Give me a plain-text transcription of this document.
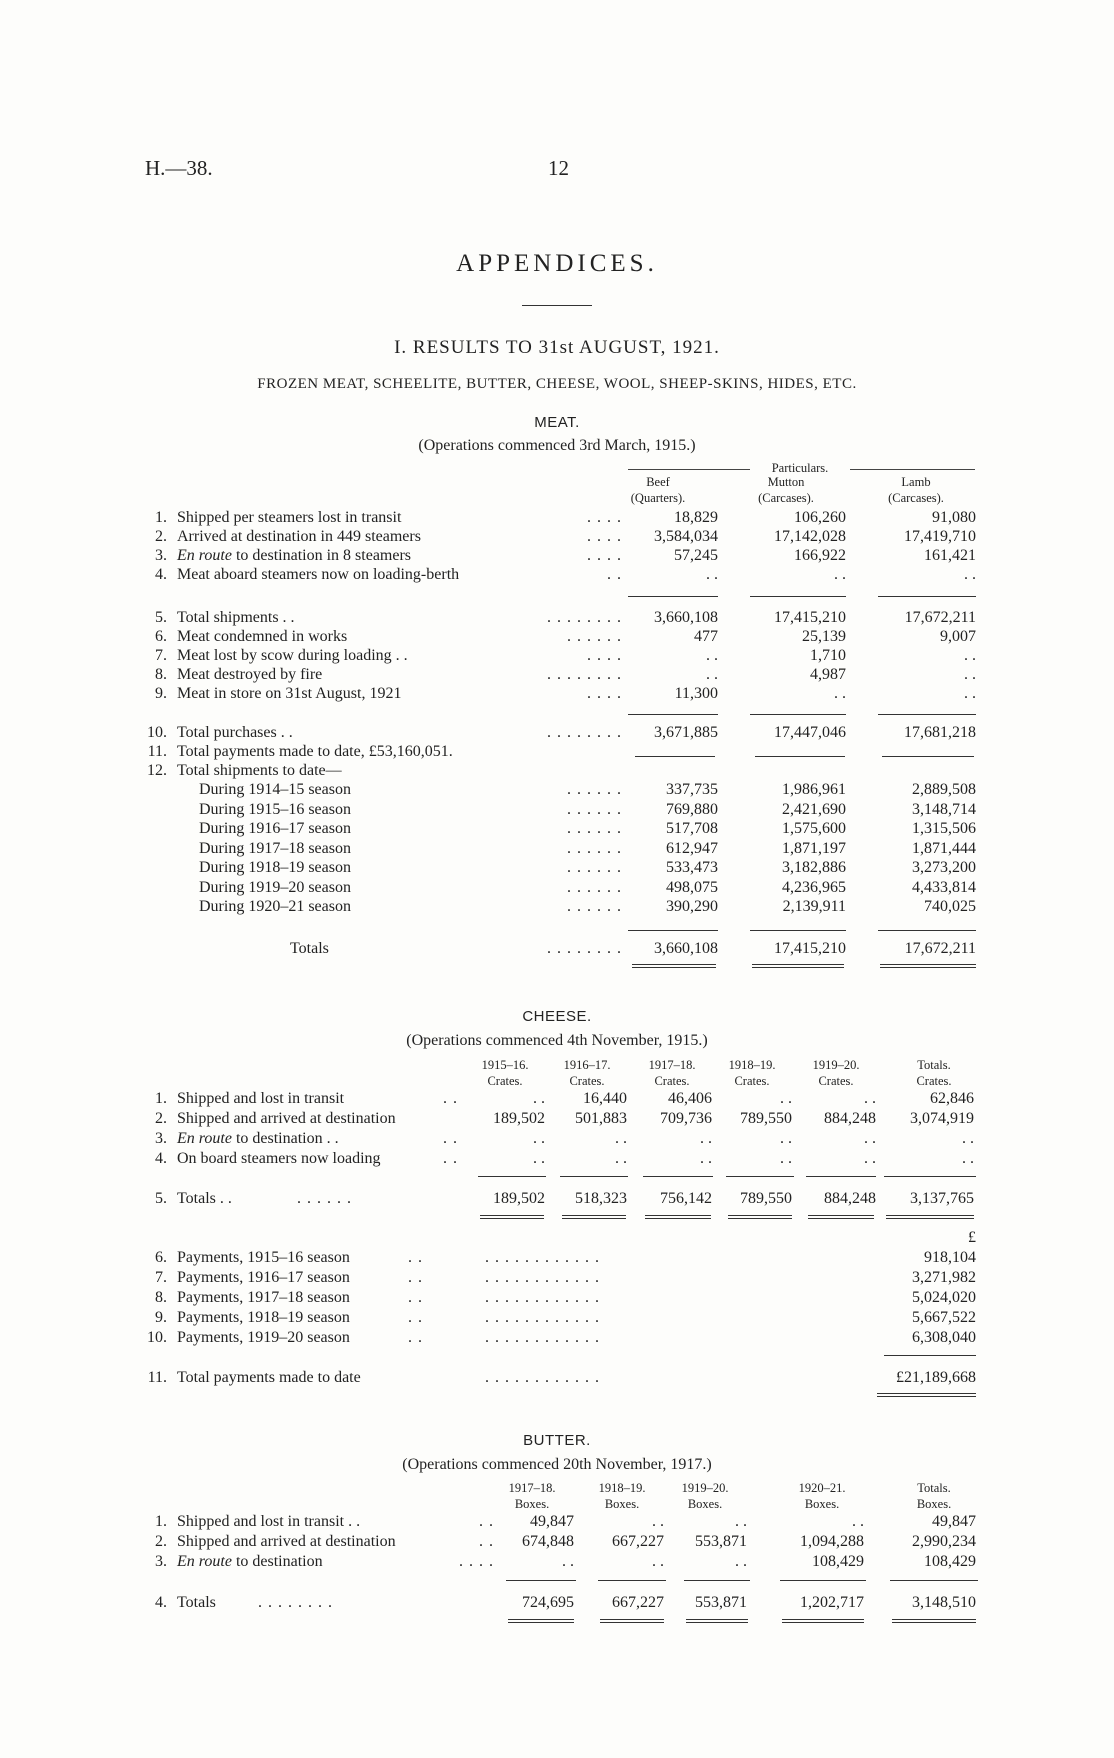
H.—38.	12
APPENDICES.
I. RESULTS TO 31st AUGUST, 1921.
FROZEN MEAT, SCHEELITE, BUTTER, CHEESE, WOOL, SHEEP-SKINS, HIDES, ETC.
MEAT.
(Operations commenced 3rd March, 1915.)
Particulars.
Beef
(Quarters).
Mutton
(Carcases).
Lamb
(Carcases).
1. Shipped per steamers lost in transit	. . . .	18,829	106,260	91,080
2. Arrived at destination in 449 steamers	. . . .	3,584,034	17,142,028	17,419,710
3. En route to destination in 8 steamers	. . . .	57,245	166,922	161,421
4. Meat aboard steamers now on loading-berth	. .	. .	. .	. .
5. Total shipments . .	. . . . . . . .	3,660,108	17,415,210	17,672,211
6. Meat condemned in works	. . . . . .	477	25,139	9,007
7. Meat lost by scow during loading . .	. . . .	. .	1,710	. .
8. Meat destroyed by fire	. . . . . . . .	. .	4,987	. .
9. Meat in store on 31st August, 1921	. . . .	11,300	. .	. .
10. Total purchases . .	. . . . . . . .	3,671,885	17,447,046	17,681,218
11. Total payments made to date, £53,160,051.
12. Total shipments to date—
During 1914–15 season	. . . . . .	337,735	1,986,961	2,889,508
During 1915–16 season	. . . . . .	769,880	2,421,690	3,148,714
During 1916–17 season	. . . . . .	517,708	1,575,600	1,315,506
During 1917–18 season	. . . . . .	612,947	1,871,197	1,871,444
During 1918–19 season	. . . . . .	533,473	3,182,886	3,273,200
During 1919–20 season	. . . . . .	498,075	4,236,965	4,433,814
During 1920–21 season	. . . . . .	390,290	2,139,911	740,025
Totals	. . . . . . . .	3,660,108	17,415,210	17,672,211
CHEESE.
(Operations commenced 4th November, 1915.)
1915–16.
Crates.
1916–17.
Crates.
1917–18.
Crates.
1918–19.
Crates.
1919–20.
Crates.
Totals.
Crates.
1. Shipped and lost in transit	. .	. .	16,440	46,406	. .	. .	62,846
2. Shipped and arrived at destination	189,502	501,883	709,736	789,550	884,248	3,074,919
3. En route to destination . .	. .	. .	. .	. .	. .	. .	. .
4. On board steamers now loading	. .	. .	. .	. .	. .	. .	. .
5. Totals . .	. . . . . .	189,502	518,323	756,142	789,550	884,248	3,137,765
£
6. Payments, 1915–16 season	. .	. . . . . . . . . . . .	918,104
7. Payments, 1916–17 season	. .	. . . . . . . . . . . .	3,271,982
8. Payments, 1917–18 season	. .	. . . . . . . . . . . .	5,024,020
9. Payments, 1918–19 season	. .	. . . . . . . . . . . .	5,667,522
10. Payments, 1919–20 season	. .	. . . . . . . . . . . .	6,308,040
11. Total payments made to date	. . . . . . . . . . . .	£21,189,668
BUTTER.
(Operations commenced 20th November, 1917.)
1917–18.
Boxes.
1918–19.
Boxes.
1919–20.
Boxes.
1920–21.
Boxes.
Totals.
Boxes.
1. Shipped and lost in transit . .	. .	49,847	. .	. .	. .	49,847
2. Shipped and arrived at destination	. .	674,848	667,227	553,871	1,094,288	2,990,234
3. En route to destination	. . . .	. .	. .	. .	108,429	108,429
4. Totals	. . . . . . . .	724,695	667,227	553,871	1,202,717	3,148,510
